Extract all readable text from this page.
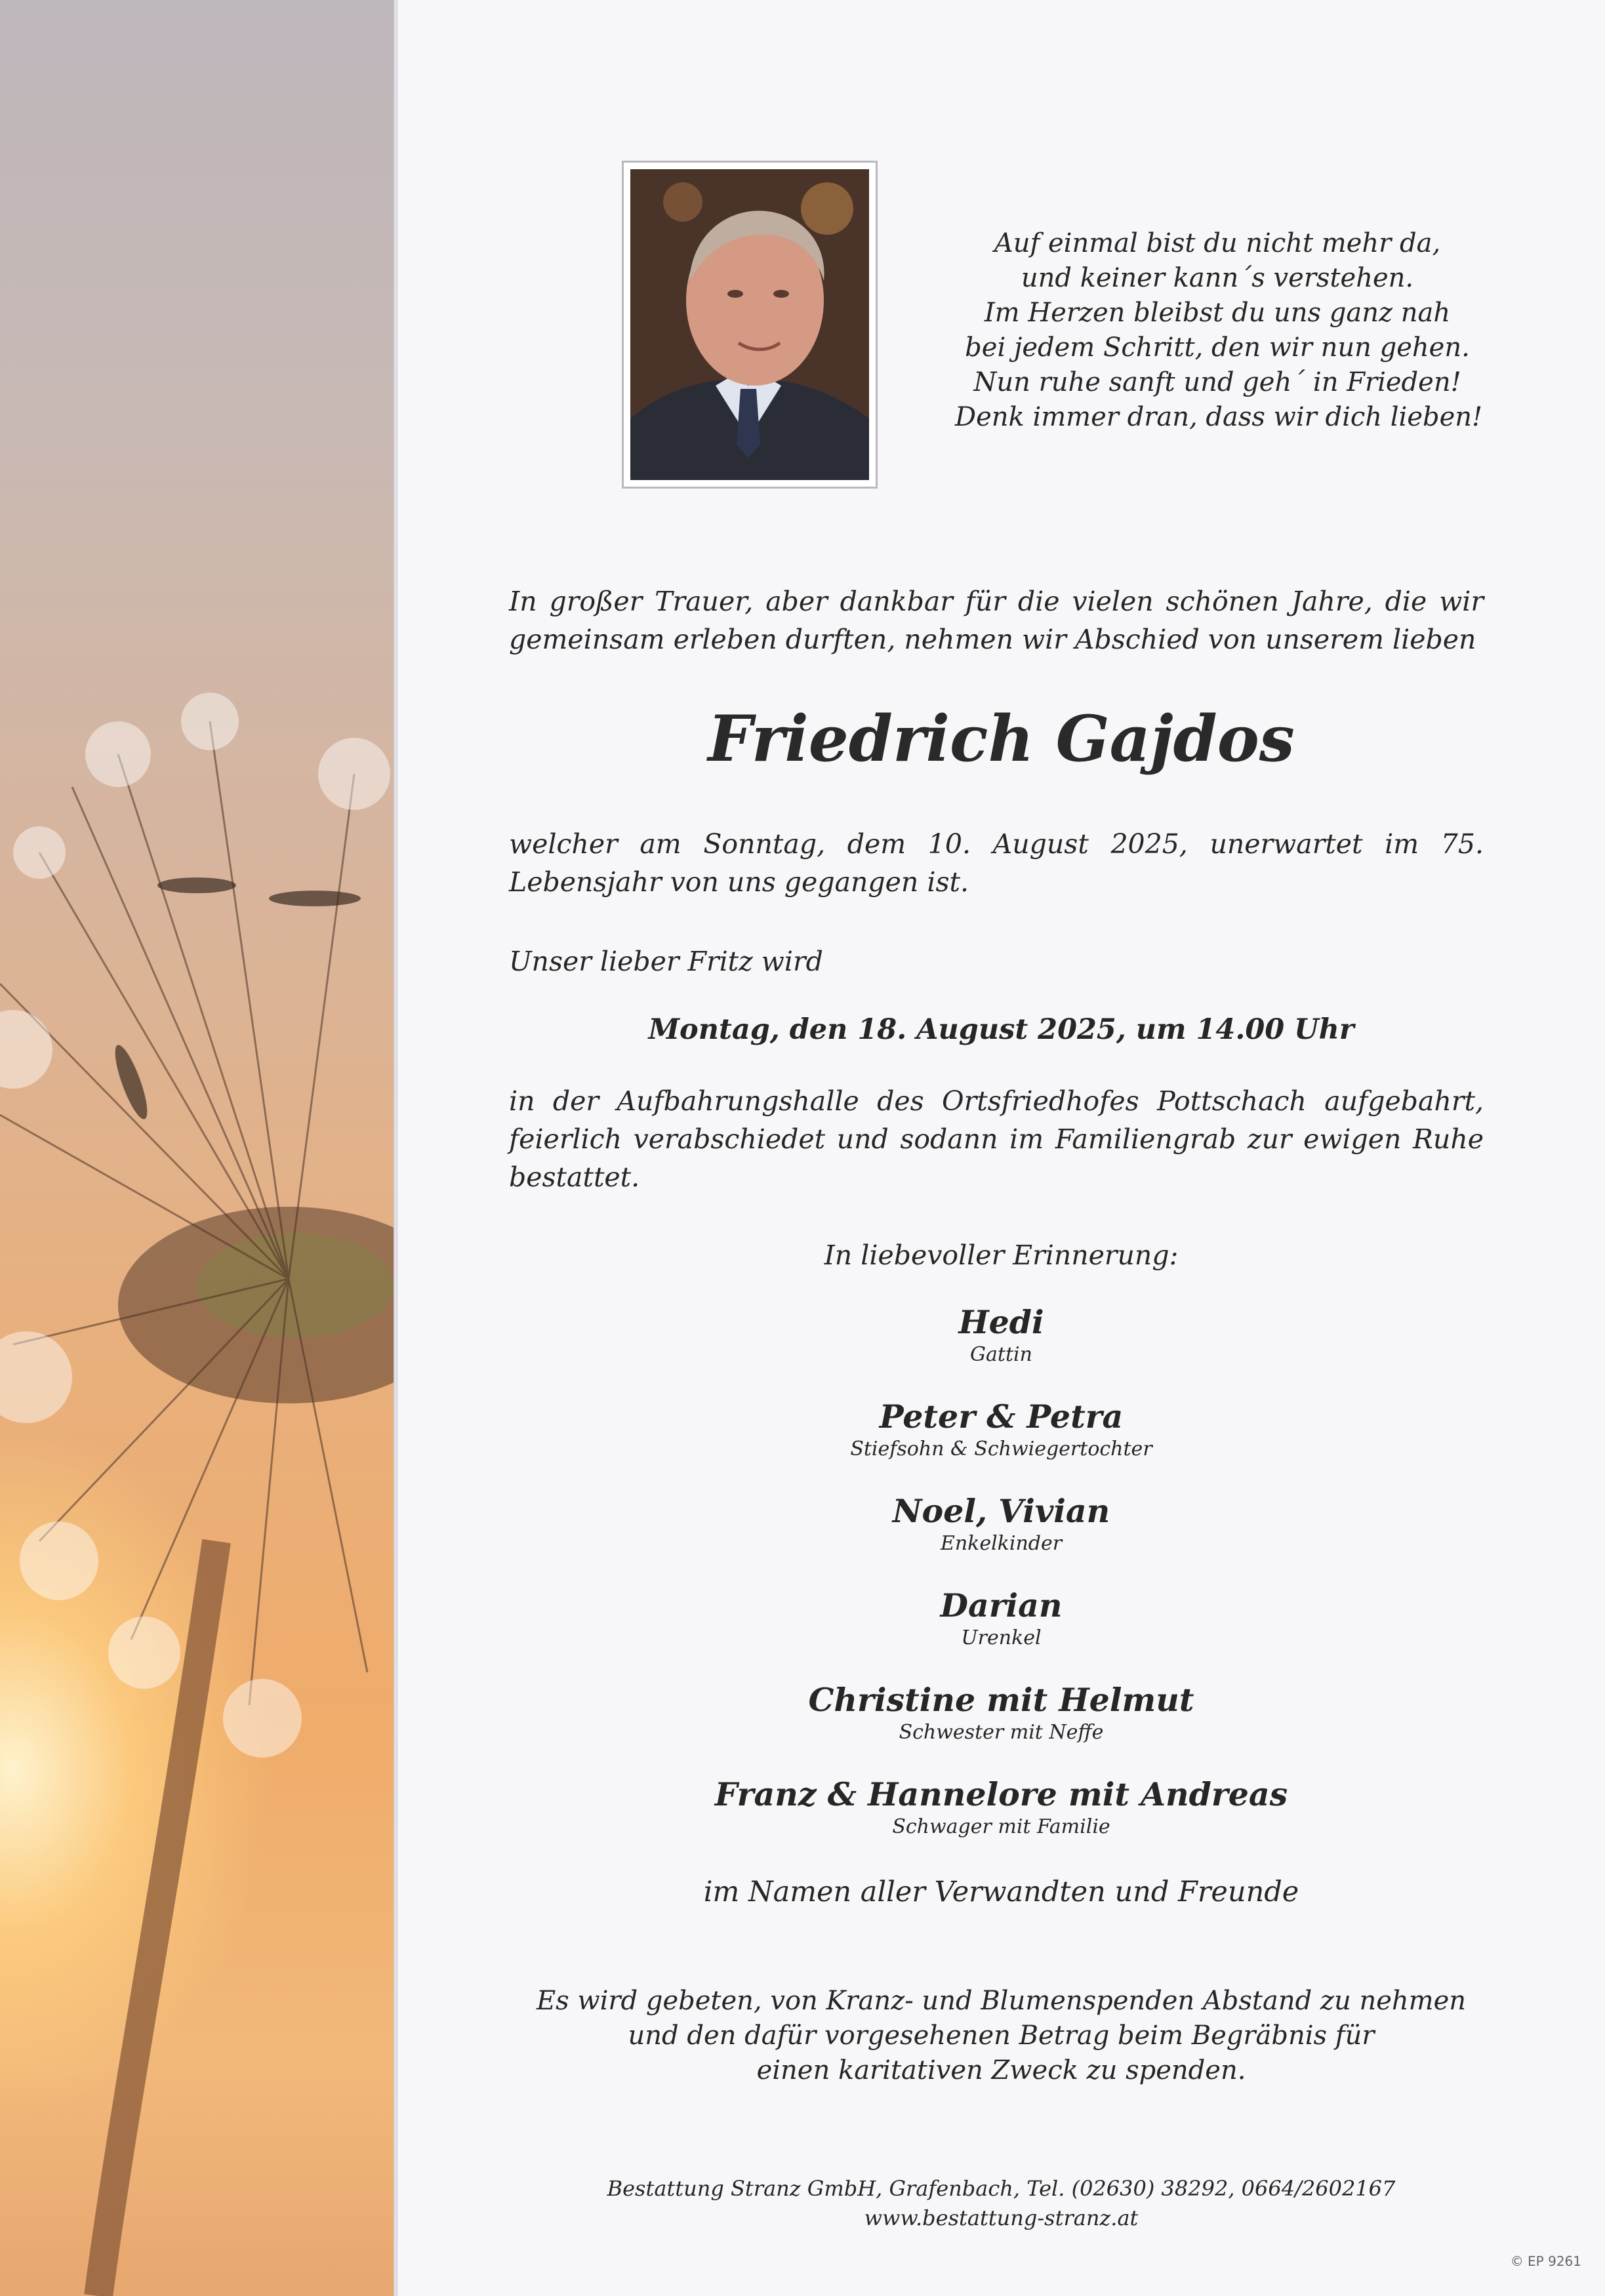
Auf einmal bist du nicht mehr da,
und keiner kann´s verstehen.
Im Herzen bleibst du uns ganz nah
bei jedem Schritt, den wir nun gehen.
Nun ruhe sanft und geh´ in Frieden!
Denk immer dran, dass wir dich lieben!
In großer Trauer, aber dankbar für die vielen schönen Jahre, die wir gemeinsam erleben durften, nehmen wir Abschied von unserem lieben
Friedrich Gajdos
welcher am Sonntag, dem 10. August 2025, unerwartet im 75. Lebensjahr von uns gegangen ist.
Unser lieber Fritz wird
Montag, den 18. August 2025, um 14.00 Uhr
in der Aufbahrungshalle des Ortsfriedhofes Pottschach aufgebahrt, feierlich verabschiedet und sodann im Familiengrab zur ewigen Ruhe bestattet.
In liebevoller Erinnerung:
Hedi
Gattin
Peter & Petra
Stiefsohn & Schwiegertochter
Noel, Vivian
Enkelkinder
Darian
Urenkel
Christine mit Helmut
Schwester mit Neffe
Franz & Hannelore mit Andreas
Schwager mit Familie
im Namen aller Verwandten und Freunde
Es wird gebeten, von Kranz- und Blumenspenden Abstand zu nehmen
und den dafür vorgesehenen Betrag beim Begräbnis für
einen karitativen Zweck zu spenden.
Bestattung Stranz GmbH, Grafenbach, Tel. (02630) 38292, 0664/2602167
www.bestattung-stranz.at
© EP 9261
